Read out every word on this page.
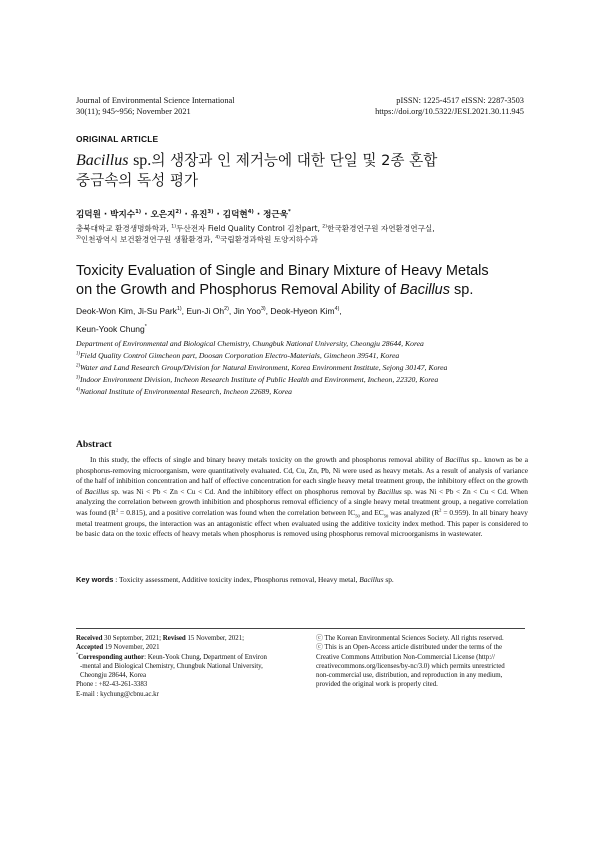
Journal of Environmental Science International
30(11); 945~956; November 2021
pISSN: 1225-4517 eISSN: 2287-3503
https://doi.org/10.5322/JESI.2021.30.11.945
ORIGINAL ARTICLE
Bacillus sp.의 생장과 인 제거능에 대한 단일 및 2종 혼합
중금속의 독성 평가
김덕원 · 박지수$^{1)}$ · 오은지$^{2)}$ · 유진$^{3)}$ · 김덕현$^{4)}$ · 정근욱*
충북대학교 환경생명화학과, $^{1)}$두산전자 Field Quality Control 김천part, $^{2)}$한국환경연구원 자연환경연구실,
$^{3)}$인천광역시 보건환경연구원 생활환경과, $^{4)}$국립환경과학원 토양지하수과
Toxicity Evaluation of Single and Binary Mixture of Heavy Metals
on the Growth and Phosphorus Removal Ability of Bacillus sp.
Deok-Won Kim, Ji-Su Park$^{1)}$, Eun-Ji Oh$^{2)}$, Jin Yoo$^{3)}$, Deok-Hyeon Kim$^{4)}$,
Keun-Yook Chung*
Department of Environmental and Biological Chemistry, Chungbuk National University, Cheongju 28644, Korea
$^{1)}$Field Quality Control Gimcheon part, Doosan Corporation Electro-Materials, Gimcheon 39541, Korea
$^{2)}$Water and Land Research Group/Division for Natural Environment, Korea Environment Institute, Sejong 30147, Korea
$^{3)}$Indoor Environment Division, Incheon Research Institute of Public Health and Environment, Incheon, 22320, Korea
$^{4)}$National Institute of Environmental Research, Incheon 22689, Korea
Abstract
In this study, the effects of single and binary heavy metals toxicity on the growth and phosphorus removal ability of Bacillus sp.. known as be a phosphorus-removing microorganism, were quantitatively evaluated. Cd, Cu, Zn, Pb, Ni were used as heavy metals. As a result of analysis of variance of the half of inhibition concentration and half of effective concentration for each single heavy metal treatment group, the inhibitory effect on the growth of Bacillus sp. was Ni < Pb < Zn < Cu < Cd. And the inhibitory effect on phosphorus removal by Bacillus sp. was Ni < Pb < Zn < Cu < Cd. When analyzing the correlation between growth inhibition and phosphorus removal efficiency of a single heavy metal treatment group, a negative correlation was found $(R^2 = 0.815)$, and a positive correlation was found when the correlation between $IC_{50}$ and $EC_{50}$ was analyzed $(R^2 = 0.959)$. In all binary heavy metal treatment groups, the interaction was an antagonistic effect when evaluated using the additive toxicity index method. This paper is considered to be basic data on the toxic effects of heavy metals when phosphorus is removed using phosphorus removal microorganisms in wastewater.
Key words : Toxicity assessment, Additive toxicity index, Phosphorus removal, Heavy metal, Bacillus sp.
Received 30 September, 2021; Revised 15 November, 2021;
Accepted 19 November, 2021
*Corresponding author: Keun-Yook Chung, Department of Environ
-mental and Biological Chemistry, Chungbuk National University,
Cheongju 28644, Korea
Phone : +82-43-261-3383
E-mail : kychung@cbnu.ac.kr
ⓒ The Korean Environmental Sciences Society. All rights reserved.
ⓒ This is an Open-Access article distributed under the terms of the
Creative Commons Attribution Non-Commercial License (http://
creativecommons.org/licenses/by-nc/3.0) which permits unrestricted
non-commercial use, distribution, and reproduction in any medium,
provided the original work is properly cited.
